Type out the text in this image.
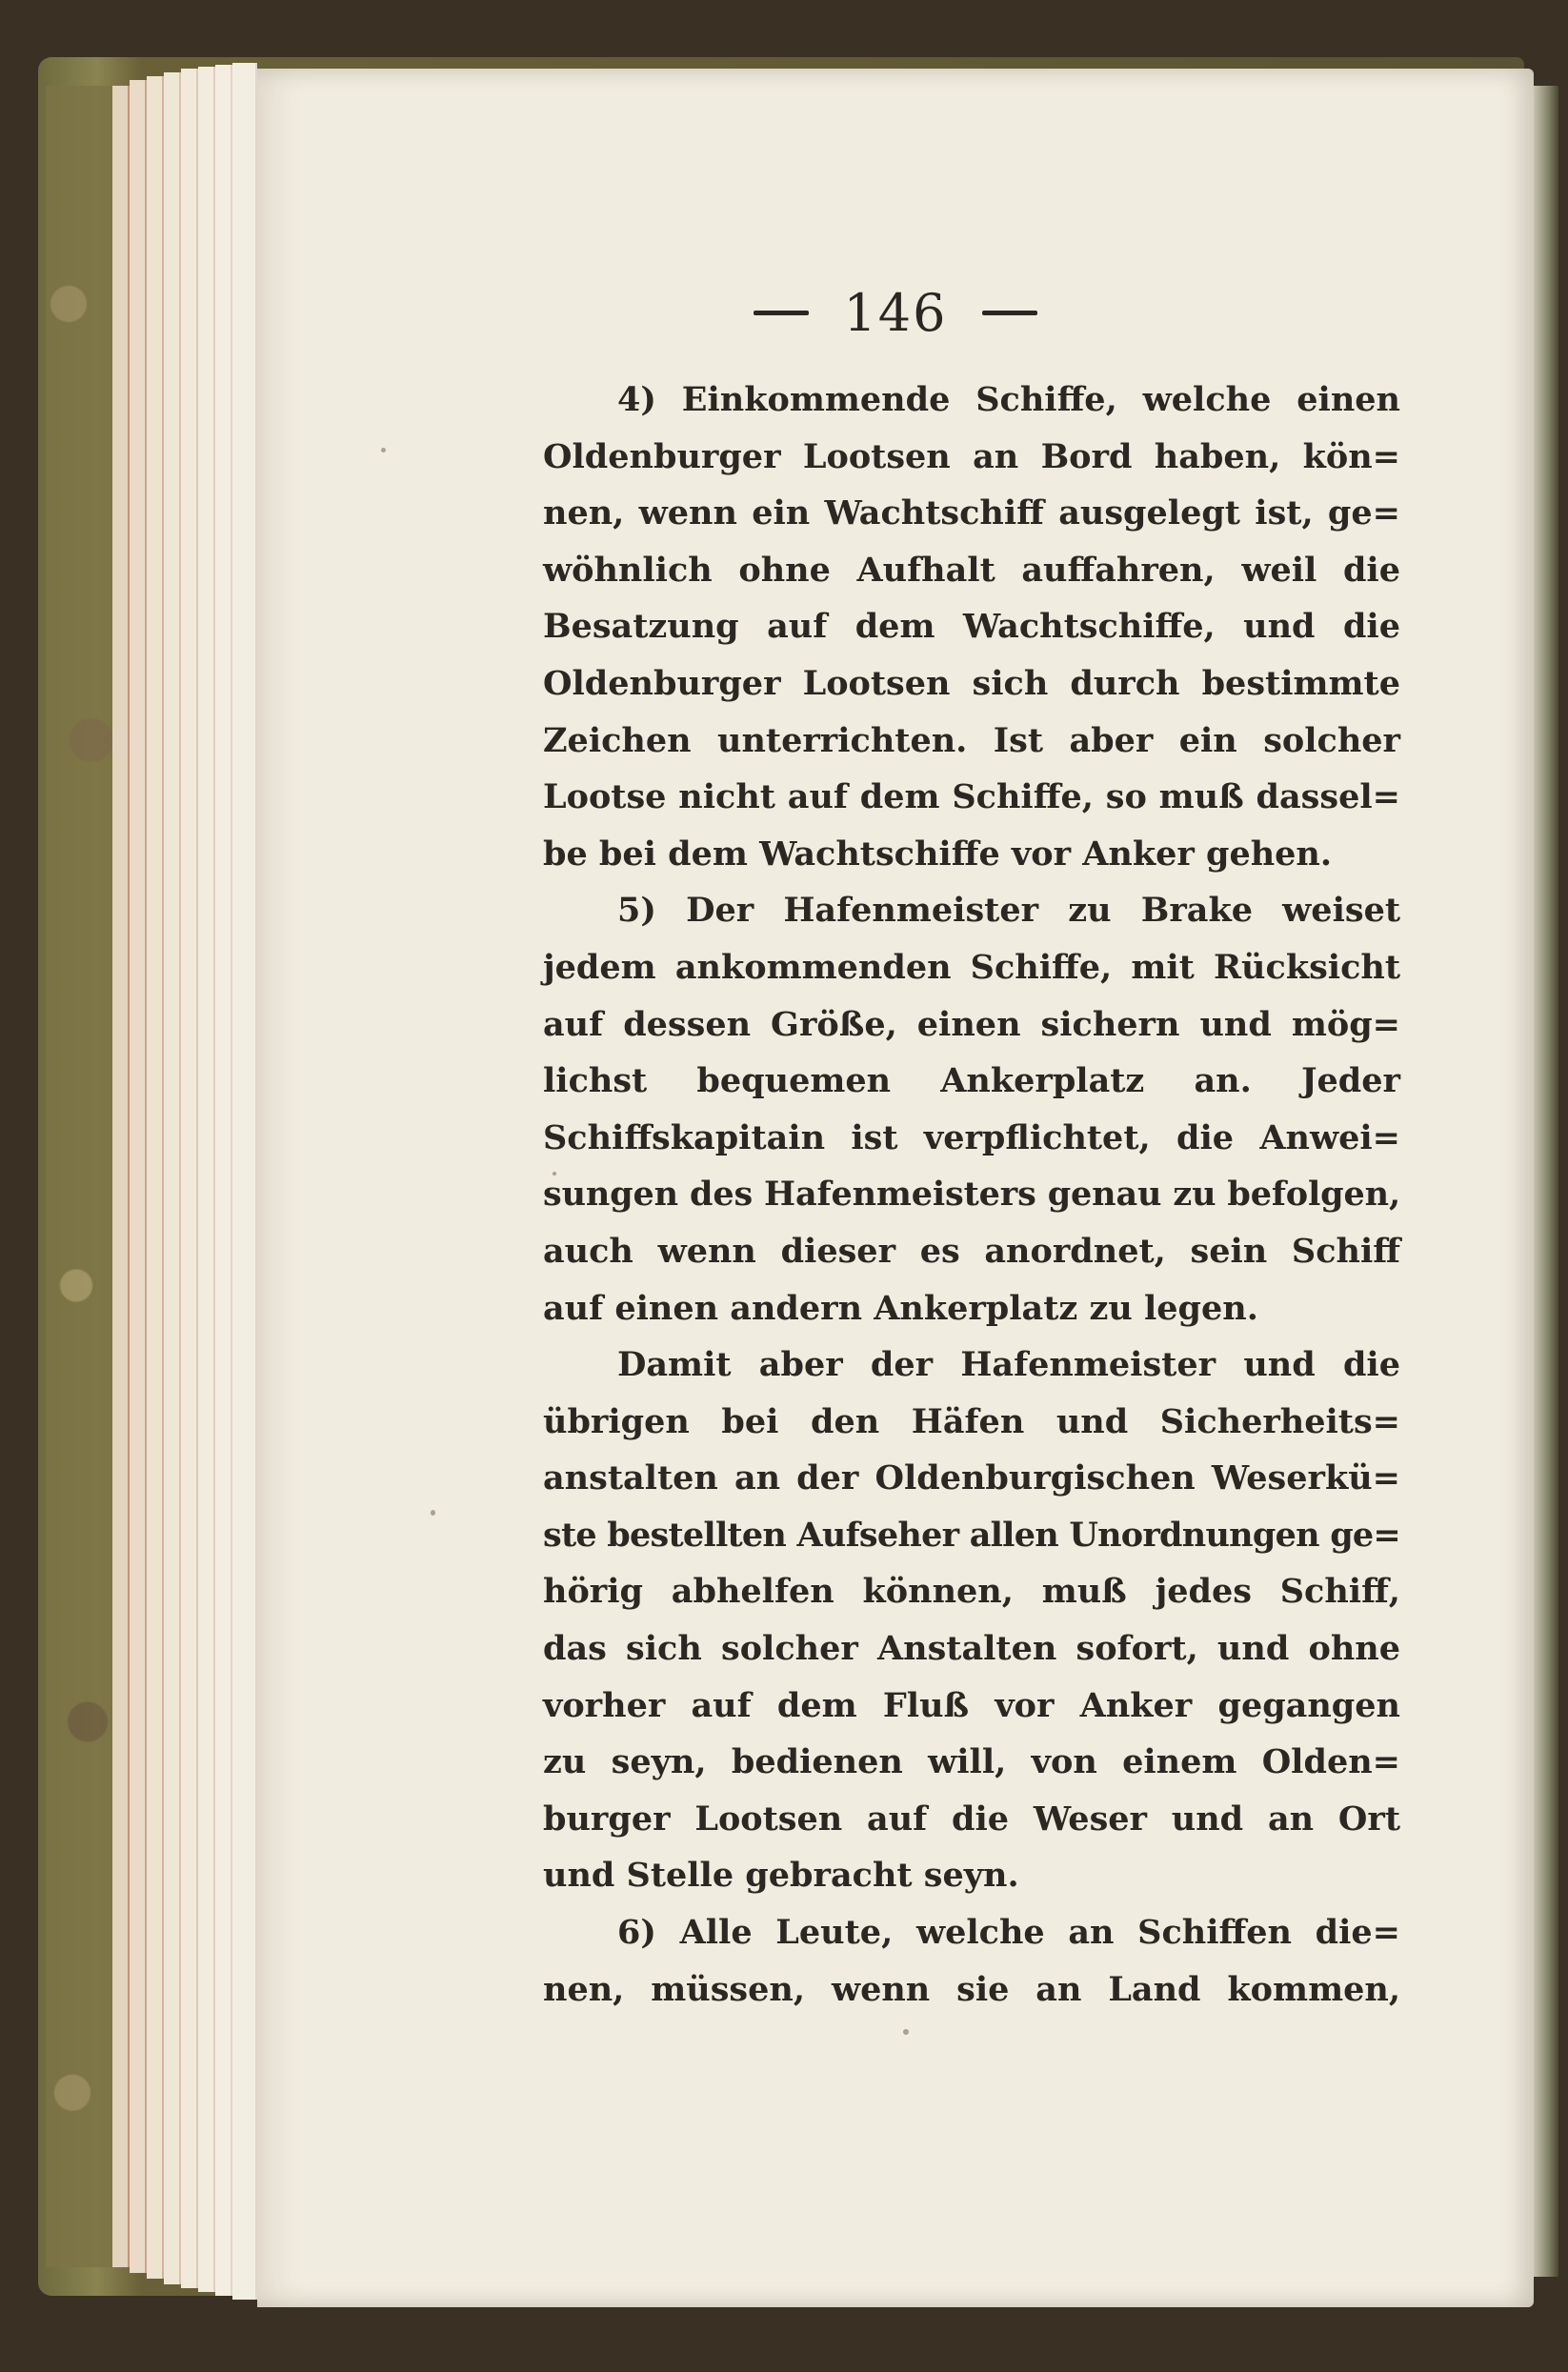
146
4) Einkommende Schiffe, welche einen
Oldenburger Lootsen an Bord haben, kön=
nen, wenn ein Wachtschiff ausgelegt ist, ge=
wöhnlich ohne Aufhalt auffahren, weil die
Besatzung auf dem Wachtschiffe, und die
Oldenburger Lootsen sich durch bestimmte
Zeichen unterrichten. Ist aber ein solcher
Lootse nicht auf dem Schiffe, so muß dassel=
be bei dem Wachtschiffe vor Anker gehen.
5) Der Hafenmeister zu Brake weiset
jedem ankommenden Schiffe, mit Rücksicht
auf dessen Größe, einen sichern und mög=
lichst bequemen Ankerplatz an. Jeder
Schiffskapitain ist verpflichtet, die Anwei=
sungen des Hafenmeisters genau zu befolgen,
auch wenn dieser es anordnet, sein Schiff
auf einen andern Ankerplatz zu legen.
Damit aber der Hafenmeister und die
übrigen bei den Häfen und Sicherheits=
anstalten an der Oldenburgischen Weserkü=
ste bestellten Aufseher allen Unordnungen ge=
hörig abhelfen können, muß jedes Schiff,
das sich solcher Anstalten sofort, und ohne
vorher auf dem Fluß vor Anker gegangen
zu seyn, bedienen will, von einem Olden=
burger Lootsen auf die Weser und an Ort
und Stelle gebracht seyn.
6) Alle Leute, welche an Schiffen die=
nen, müssen, wenn sie an Land kommen,
